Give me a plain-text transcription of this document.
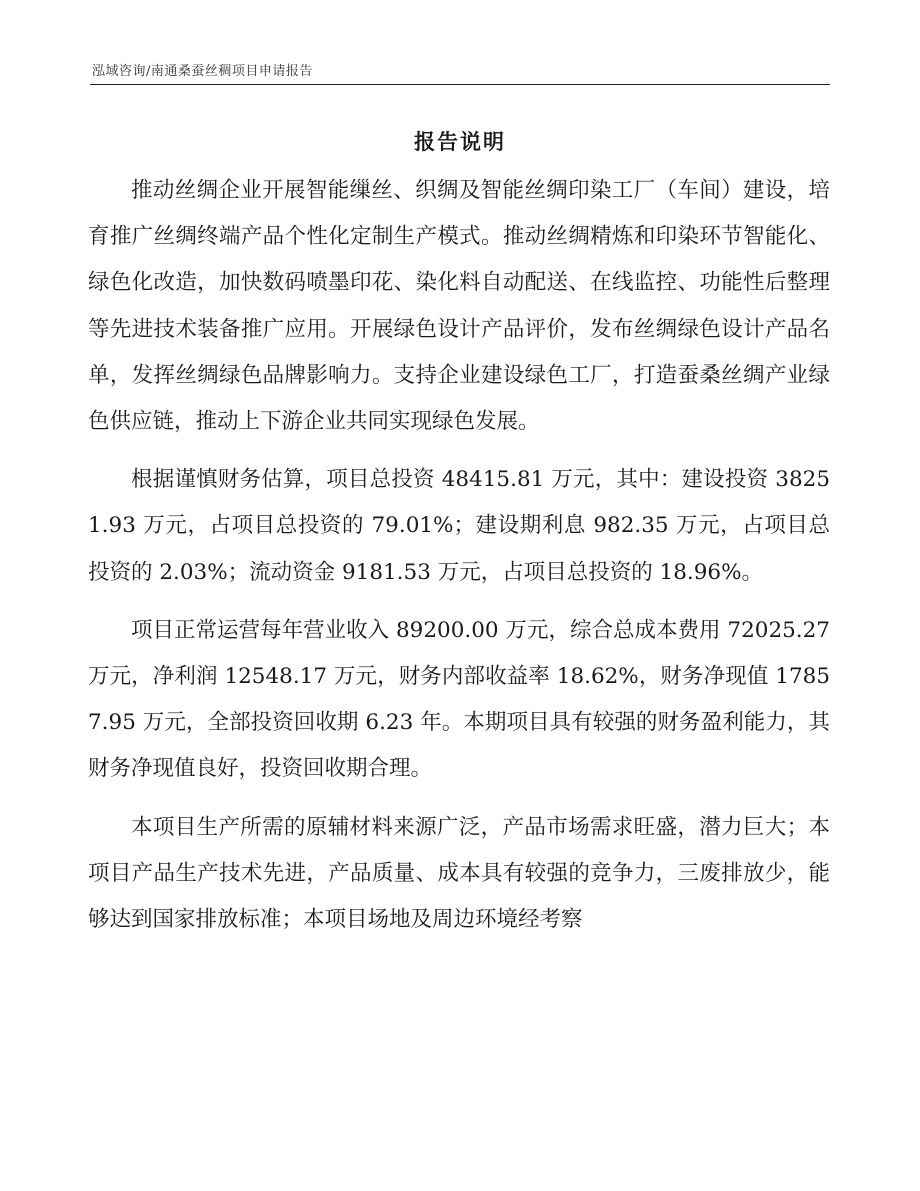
泓域咨询/南通桑蚕丝稠项目申请报告
报告说明

推动丝绸企业开展智能缫丝、织绸及智能丝绸印染工厂（车间）建设，培育推广丝绸终端产品个性化定制生产模式。推动丝绸精炼和印染环节智能化、绿色化改造，加快数码喷墨印花、染化料自动配送、在线监控、功能性后整理等先进技术装备推广应用。开展绿色设计产品评价，发布丝绸绿色设计产品名单，发挥丝绸绿色品牌影响力。支持企业建设绿色工厂，打造蚕桑丝绸产业绿色供应链，推动上下游企业共同实现绿色发展。

根据谨慎财务估算，项目总投资 48415.81 万元，其中：建设投资 38251.93 万元，占项目总投资的 79.01%；建设期利息 982.35 万元，占项目总投资的 2.03%；流动资金 9181.53 万元，占项目总投资的 18.96%。

项目正常运营每年营业收入 89200.00 万元，综合总成本费用 72025.27 万元，净利润 12548.17 万元，财务内部收益率 18.62%，财务净现值 17857.95 万元，全部投资回收期 6.23 年。本期项目具有较强的财务盈利能力，其财务净现值良好，投资回收期合理。

本项目生产所需的原辅材料来源广泛，产品市场需求旺盛，潜力巨大；本项目产品生产技术先进，产品质量、成本具有较强的竞争力，三废排放少，能够达到国家排放标准；本项目场地及周边环境经考察
